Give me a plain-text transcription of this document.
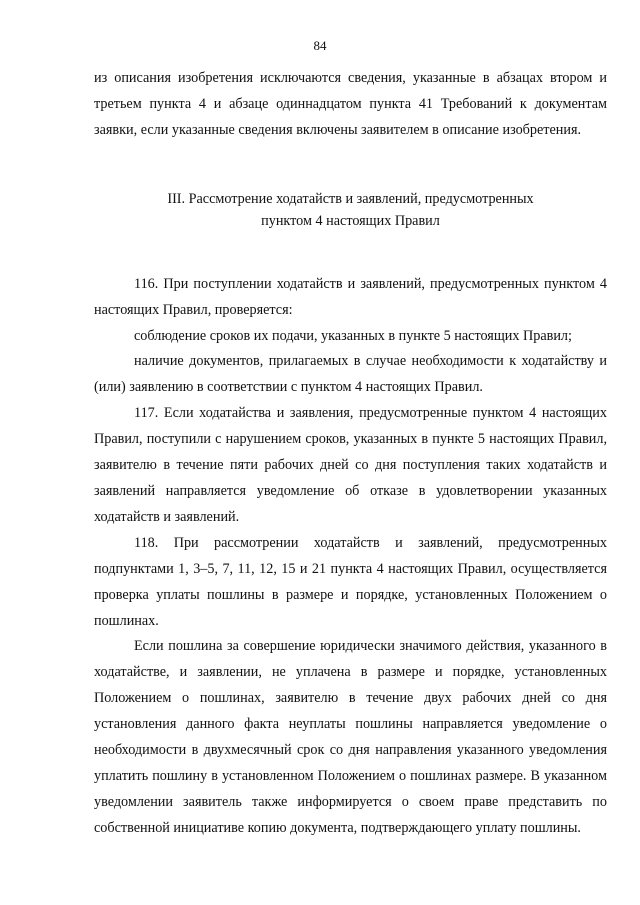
84

из описания изобретения исключаются сведения, указанные в абзацах втором и третьем пункта 4 и абзаце одиннадцатом пункта 41 Требований к документам заявки, если указанные сведения включены заявителем в описание изобретения.

III. Рассмотрение ходатайств и заявлений, предусмотренных
пунктом 4 настоящих Правил

116. При поступлении ходатайств и заявлений, предусмотренных пунктом 4 настоящих Правил, проверяется:

соблюдение сроков их подачи, указанных в пункте 5 настоящих Правил;

наличие документов, прилагаемых в случае необходимости к ходатайству и (или) заявлению в соответствии с пунктом 4 настоящих Правил.

117. Если ходатайства и заявления, предусмотренные пунктом 4 настоящих Правил, поступили с нарушением сроков, указанных в пункте 5 настоящих Правил, заявителю в течение пяти рабочих дней со дня поступления таких ходатайств и заявлений направляется уведомление об отказе в удовлетворении указанных ходатайств и заявлений.

118. При рассмотрении ходатайств и заявлений, предусмотренных подпунктами 1, 3–5, 7, 11, 12, 15 и 21 пункта 4 настоящих Правил, осуществляется проверка уплаты пошлины в размере и порядке, установленных Положением о пошлинах.

Если пошлина за совершение юридически значимого действия, указанного в ходатайстве, и заявлении, не уплачена в размере и порядке, установленных Положением о пошлинах, заявителю в течение двух рабочих дней со дня установления данного факта неуплаты пошлины направляется уведомление о необходимости в двухмесячный срок со дня направления указанного уведомления уплатить пошлину в установленном Положением о пошлинах размере. В указанном уведомлении заявитель также информируется о своем праве представить по собственной инициативе копию документа, подтверждающего уплату пошлины.
